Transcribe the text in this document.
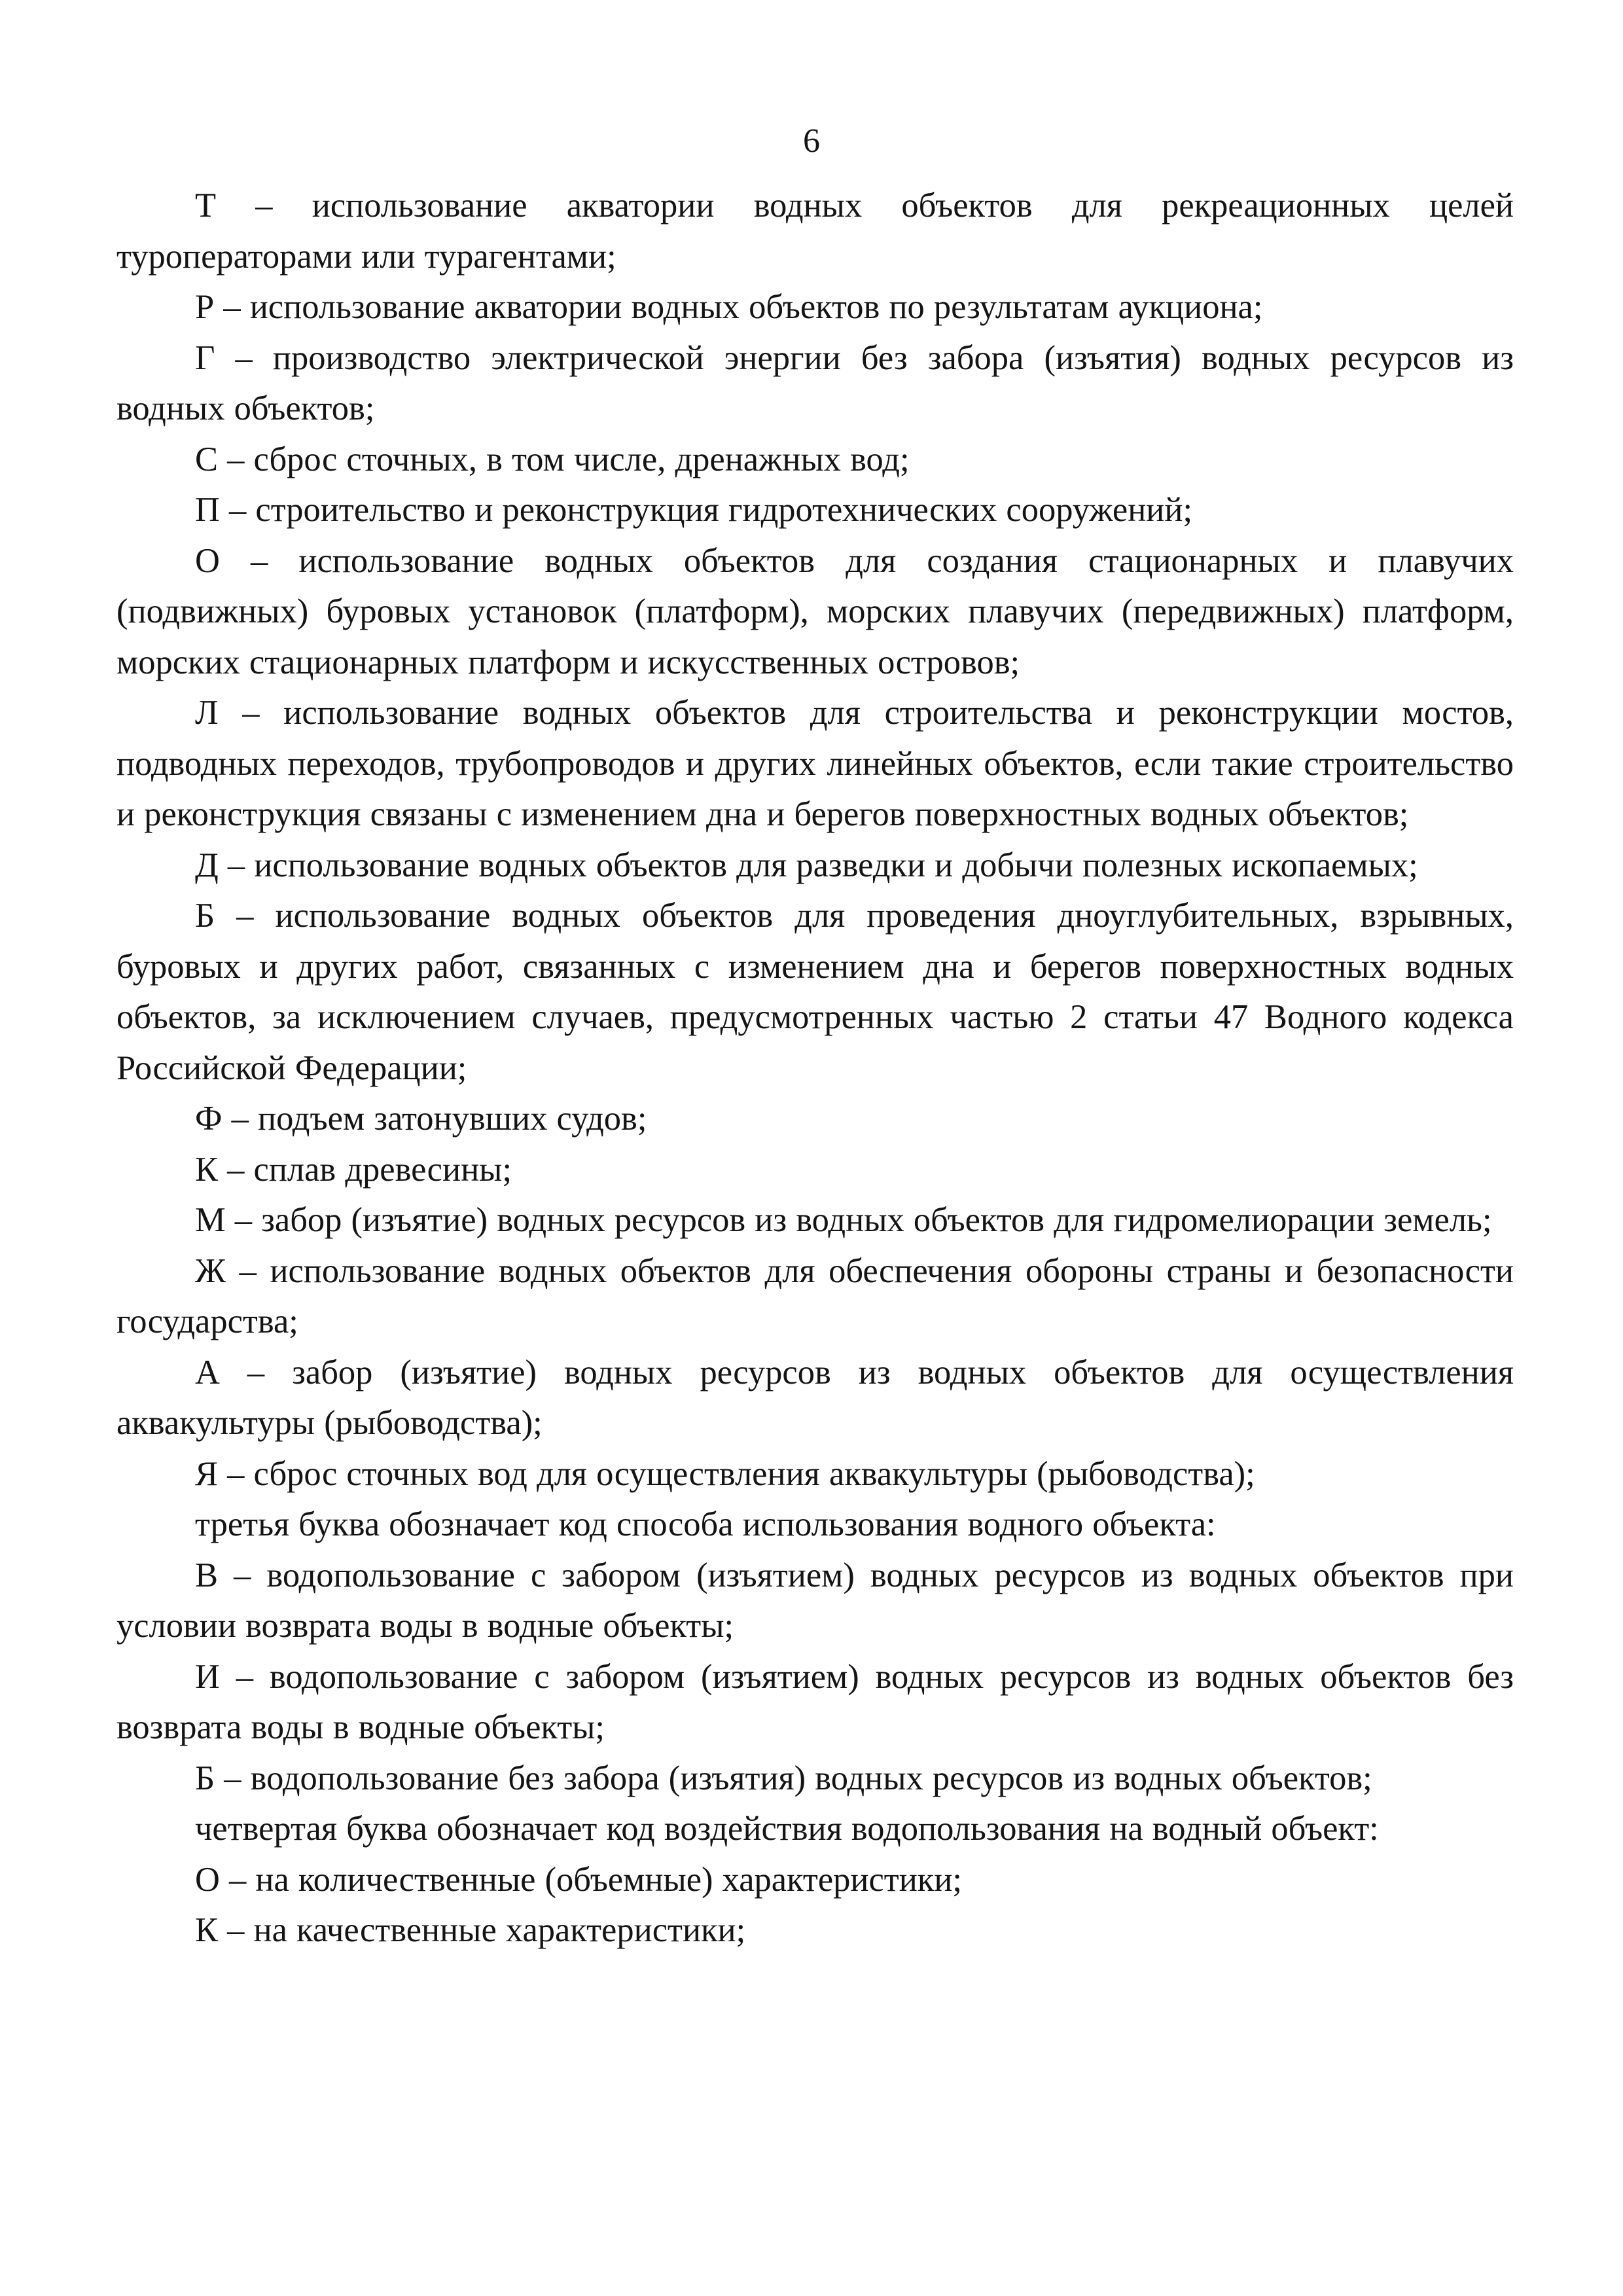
6

Т – использование акватории водных объектов для рекреационных целей туроператорами или турагентами;

Р – использование акватории водных объектов по результатам аукциона;

Г – производство электрической энергии без забора (изъятия) водных ресурсов из водных объектов;

С – сброс сточных, в том числе, дренажных вод;

П – строительство и реконструкция гидротехнических сооружений;

О – использование водных объектов для создания стационарных и плавучих (подвижных) буровых установок (платформ), морских плавучих (передвижных) платформ, морских стационарных платформ и искусственных островов;

Л – использование водных объектов для строительства и реконструкции мостов, подводных переходов, трубопроводов и других линейных объектов, если такие строительство и реконструкция связаны с изменением дна и берегов поверхностных водных объектов;

Д – использование водных объектов для разведки и добычи полезных ископаемых;

Б – использование водных объектов для проведения дноуглубительных, взрывных, буровых и других работ, связанных с изменением дна и берегов поверхностных водных объектов, за исключением случаев, предусмотренных частью 2 статьи 47 Водного кодекса Российской Федерации;

Ф – подъем затонувших судов;

К – сплав древесины;

М – забор (изъятие) водных ресурсов из водных объектов для гидромелиорации земель;

Ж – использование водных объектов для обеспечения обороны страны и безопасности государства;

А – забор (изъятие) водных ресурсов из водных объектов для осуществления аквакультуры (рыбоводства);

Я – сброс сточных вод для осуществления аквакультуры (рыбоводства);

третья буква обозначает код способа использования водного объекта:

В – водопользование с забором (изъятием) водных ресурсов из водных объектов при условии возврата воды в водные объекты;

И – водопользование с забором (изъятием) водных ресурсов из водных объектов без возврата воды в водные объекты;

Б – водопользование без забора (изъятия) водных ресурсов из водных объектов;

четвертая буква обозначает код воздействия водопользования на водный объект:

О – на количественные (объемные) характеристики;

К – на качественные характеристики;
